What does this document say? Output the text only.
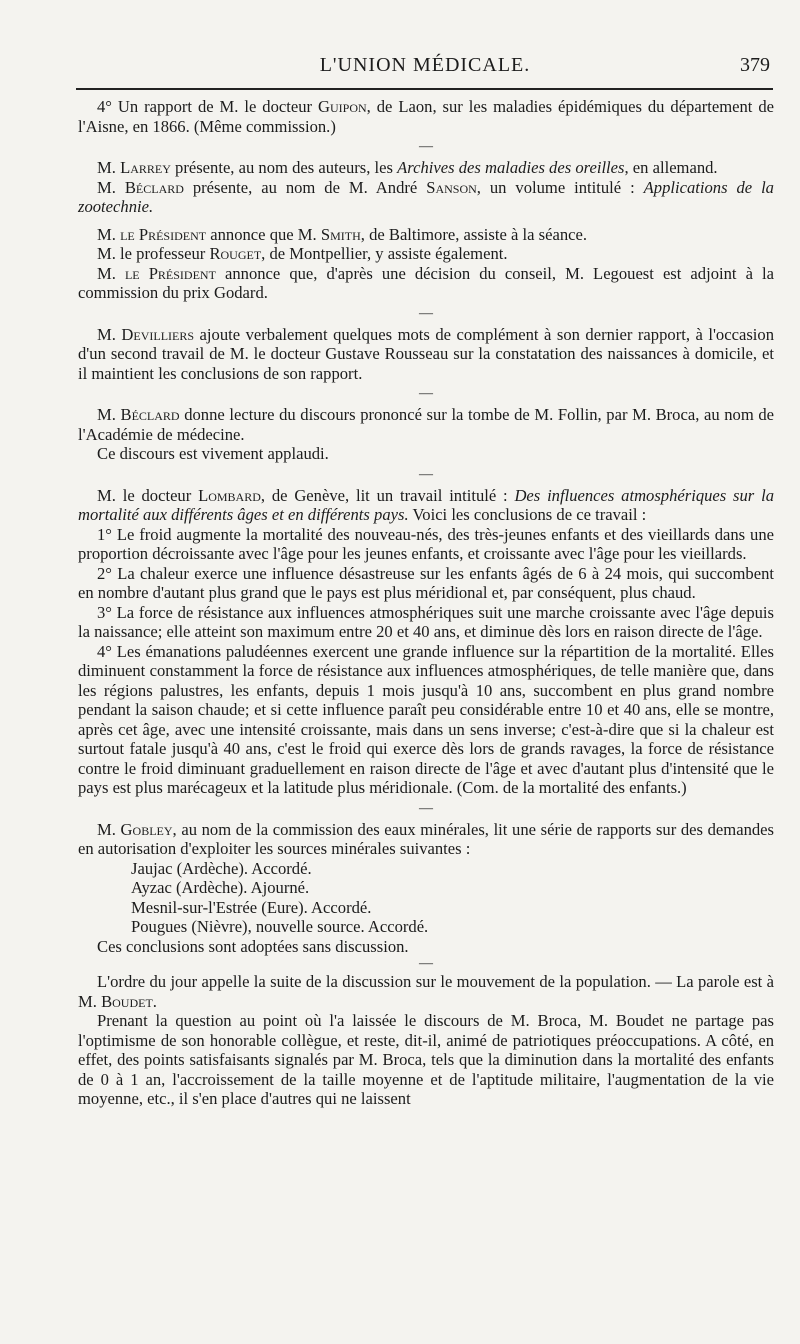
L'UNION MÉDICALE.	379

4° Un rapport de M. le docteur Guipon, de Laon, sur les maladies épidémiques du département de l'Aisne, en 1866. (Même commission.)

—

M. Larrey présente, au nom des auteurs, les Archives des maladies des oreilles, en allemand.

M. Béclard présente, au nom de M. André Sanson, un volume intitulé : Applications de la zootechnie.

M. le Président annonce que M. Smith, de Baltimore, assiste à la séance.

M. le professeur Rouget, de Montpellier, y assiste également.

M. le Président annonce que, d'après une décision du conseil, M. Legouest est adjoint à la commission du prix Godard.

—

M. Devilliers ajoute verbalement quelques mots de complément à son dernier rapport, à l'occasion d'un second travail de M. le docteur Gustave Rousseau sur la constatation des naissances à domicile, et il maintient les conclusions de son rapport.

—

M. Béclard donne lecture du discours prononcé sur la tombe de M. Follin, par M. Broca, au nom de l'Académie de médecine.

Ce discours est vivement applaudi.

—

M. le docteur Lombard, de Genève, lit un travail intitulé : Des influences atmosphériques sur la mortalité aux différents âges et en différents pays. Voici les conclusions de ce travail :

1° Le froid augmente la mortalité des nouveau-nés, des très-jeunes enfants et des vieillards dans une proportion décroissante avec l'âge pour les jeunes enfants, et croissante avec l'âge pour les vieillards.

2° La chaleur exerce une influence désastreuse sur les enfants âgés de 6 à 24 mois, qui succombent en nombre d'autant plus grand que le pays est plus méridional et, par conséquent, plus chaud.

3° La force de résistance aux influences atmosphériques suit une marche croissante avec l'âge depuis la naissance; elle atteint son maximum entre 20 et 40 ans, et diminue dès lors en raison directe de l'âge.

4° Les émanations paludéennes exercent une grande influence sur la répartition de la mortalité. Elles diminuent constamment la force de résistance aux influences atmosphériques, de telle manière que, dans les régions palustres, les enfants, depuis 1 mois jusqu'à 10 ans, succombent en plus grand nombre pendant la saison chaude; et si cette influence paraît peu considérable entre 10 et 40 ans, elle se montre, après cet âge, avec une intensité croissante, mais dans un sens inverse; c'est-à-dire que si la chaleur est surtout fatale jusqu'à 40 ans, c'est le froid qui exerce dès lors de grands ravages, la force de résistance contre le froid diminuant graduellement en raison directe de l'âge et avec d'autant plus d'intensité que le pays est plus marécageux et la latitude plus méridionale. (Com. de la mortalité des enfants.)

—

M. Gobley, au nom de la commission des eaux minérales, lit une série de rapports sur des demandes en autorisation d'exploiter les sources minérales suivantes :

Jaujac (Ardèche). Accordé.

Ayzac (Ardèche). Ajourné.

Mesnil-sur-l'Estrée (Eure). Accordé.

Pougues (Nièvre), nouvelle source. Accordé.

Ces conclusions sont adoptées sans discussion.

—

L'ordre du jour appelle la suite de la discussion sur le mouvement de la population. — La parole est à M. Boudet.

Prenant la question au point où l'a laissée le discours de M. Broca, M. Boudet ne partage pas l'optimisme de son honorable collègue, et reste, dit-il, animé de patriotiques préoccupations. A côté, en effet, des points satisfaisants signalés par M. Broca, tels que la diminution dans la mortalité des enfants de 0 à 1 an, l'accroissement de la taille moyenne et de l'aptitude militaire, l'augmentation de la vie moyenne, etc., il s'en place d'autres qui ne laissent
